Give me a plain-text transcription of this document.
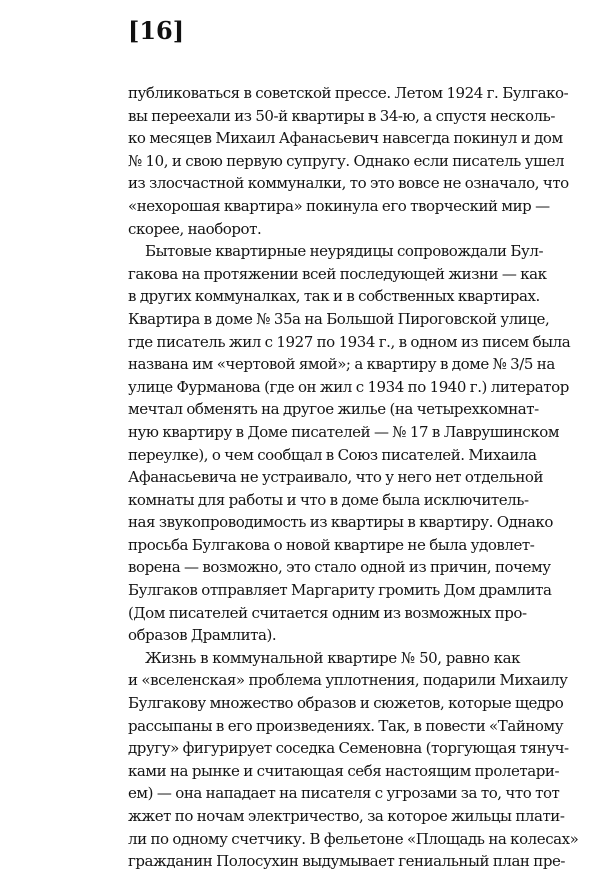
[16]
публиковаться в советской прессе. Летом 1924 г. Булгако-
вы переехали из 50-й квартиры в 34-ю, а спустя несколь-
ко месяцев Михаил Афанасьевич навсегда покинул и дом
№ 10, и свою первую супругу. Однако если писатель ушел
из злосчастной коммуналки, то это вовсе не означало, что
«нехорошая квартира» покинула его творческий мир —
скорее, наоборот.
Бытовые квартирные неурядицы сопровождали Бул-
гакова на протяжении всей последующей жизни — как
в других коммуналках, так и в собственных квартирах.
Квартира в доме № 35а на Большой Пироговской улице,
где писатель жил с 1927 по 1934 г., в одном из писем была
названа им «чертовой ямой»; а квартиру в доме № 3/5 на
улице Фурманова (где он жил с 1934 по 1940 г.) литератор
мечтал обменять на другое жилье (на четырехкомнат-
ную квартиру в Доме писателей — № 17 в Лаврушинском
переулке), о чем сообщал в Союз писателей. Михаила
Афанасьевича не устраивало, что у него нет отдельной
комнаты для работы и что в доме была исключитель-
ная звукопроводимость из квартиры в квартиру. Однако
просьба Булгакова о новой квартире не была удовлет-
ворена — возможно, это стало одной из причин, почему
Булгаков отправляет Маргариту громить Дом драмлита
(Дом писателей считается одним из возможных про-
образов Драмлита).
Жизнь в коммунальной квартире № 50, равно как
и «вселенская» проблема уплотнения, подарили Михаилу
Булгакову множество образов и сюжетов, которые щедро
рассыпаны в его произведениях. Так, в повести «Тайному
другу» фигурирует соседка Семеновна (торгующая тянуч-
ками на рынке и считающая себя настоящим пролетари-
ем) — она нападает на писателя с угрозами за то, что тот
жжет по ночам электричество, за которое жильцы плати-
ли по одному счетчику. В фельетоне «Площадь на колесах»
гражданин Полосухин выдумывает гениальный план пре-
